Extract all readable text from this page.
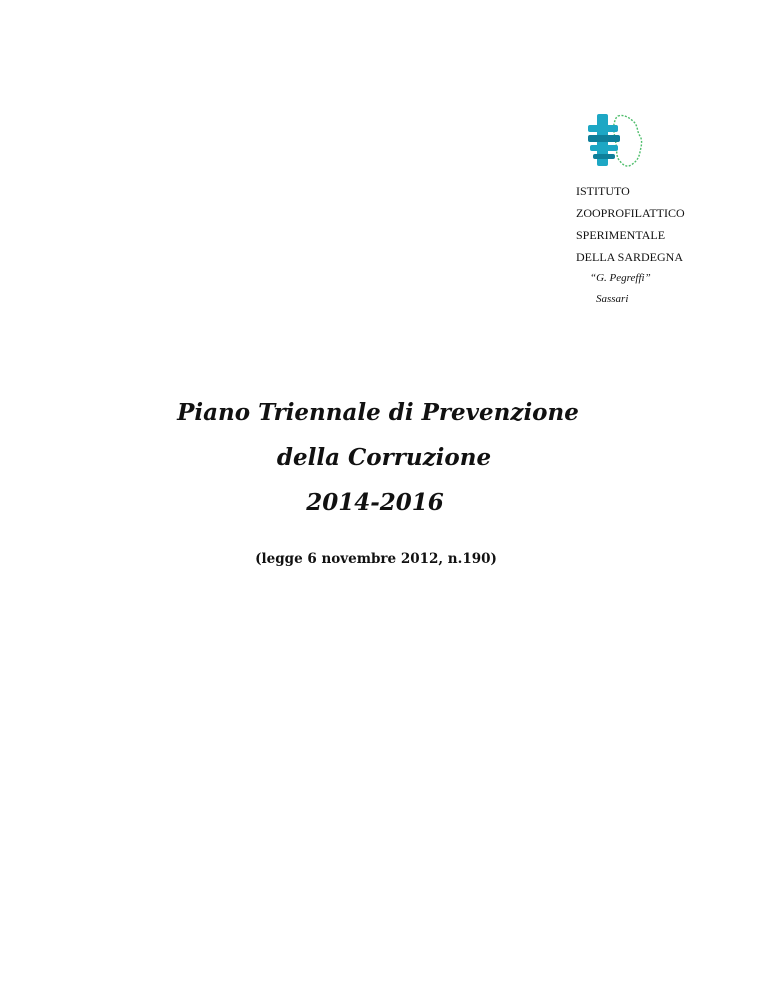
ISTITUTO
ZOOPROFILATTICO
SPERIMENTALE
DELLA SARDEGNA
“G. Pegreffi”
Sassari
Piano Triennale di Prevenzione
della Corruzione
2014-2016
(legge 6 novembre 2012, n.190)
